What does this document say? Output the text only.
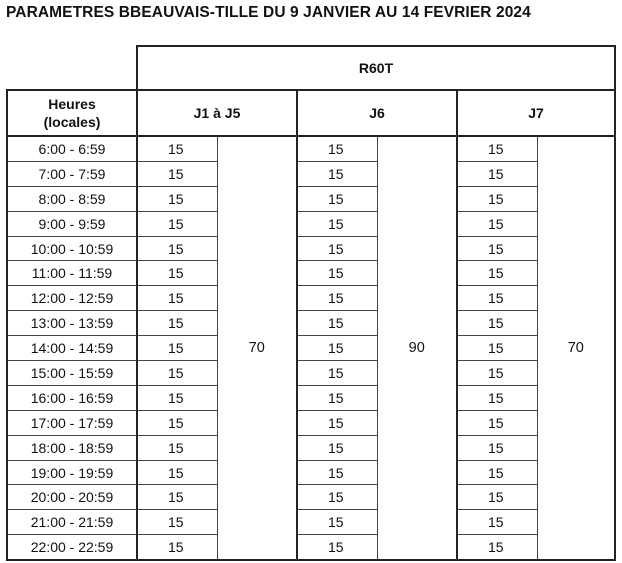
PARAMETRES BBEAUVAIS-TILLE DU 9 JANVIER AU 14 FEVRIER 2024
	R60T					
Heures
(locales)	J1 à J5		J6		J7	
6:00 - 6:59	15	70	15	90	15	70
7:00 - 7:59	15		15		15	
8:00 - 8:59	15		15		15	
9:00 - 9:59	15		15		15	
10:00 - 10:59	15		15		15	
11:00 - 11:59	15		15		15	
12:00 - 12:59	15		15		15	
13:00 - 13:59	15		15		15	
14:00 - 14:59	15		15		15	
15:00 - 15:59	15		15		15	
16:00 - 16:59	15		15		15	
17:00 - 17:59	15		15		15	
18:00 - 18:59	15		15		15	
19:00 - 19:59	15		15		15	
20:00 - 20:59	15		15		15	
21:00 - 21:59	15		15		15	
22:00 - 22:59	15		15		15	
